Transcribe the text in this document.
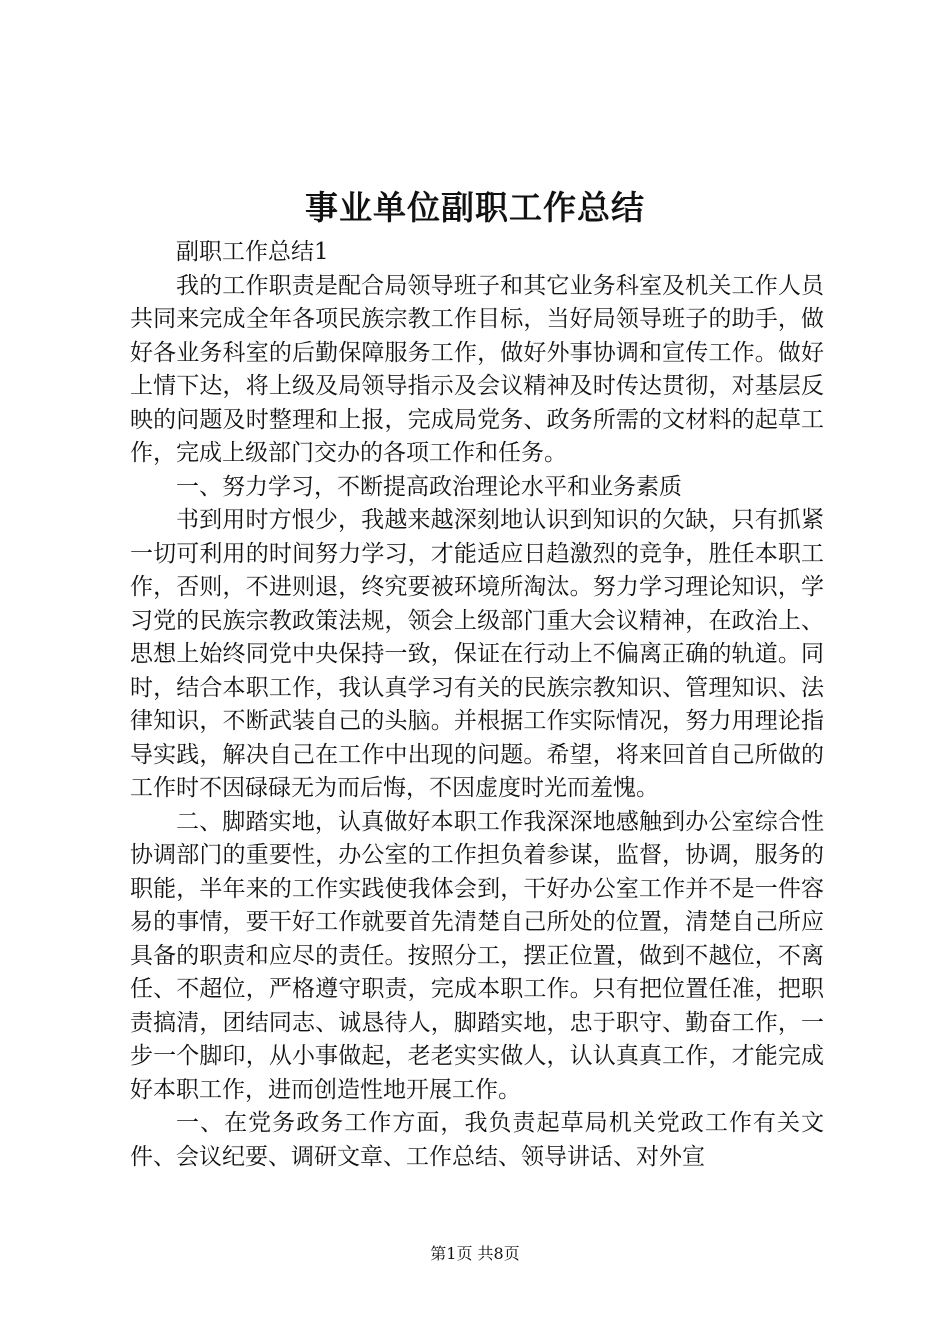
事业单位副职工作总结

副职工作总结1

我的工作职责是配合局领导班子和其它业务科室及机关工作人员共同来完成全年各项民族宗教工作目标，当好局领导班子的助手，做好各业务科室的后勤保障服务工作，做好外事协调和宣传工作。做好上情下达，将上级及局领导指示及会议精神及时传达贯彻，对基层反映的问题及时整理和上报，完成局党务、政务所需的文材料的起草工作，完成上级部门交办的各项工作和任务。

一、努力学习，不断提高政治理论水平和业务素质

书到用时方恨少，我越来越深刻地认识到知识的欠缺，只有抓紧一切可利用的时间努力学习，才能适应日趋激烈的竞争，胜任本职工作，否则，不进则退，终究要被环境所淘汰。努力学习理论知识，学习党的民族宗教政策法规，领会上级部门重大会议精神，在政治上、思想上始终同党中央保持一致，保证在行动上不偏离正确的轨道。同时，结合本职工作，我认真学习有关的民族宗教知识、管理知识、法律知识，不断武装自己的头脑。并根据工作实际情况，努力用理论指导实践，解决自己在工作中出现的问题。希望，将来回首自己所做的工作时不因碌碌无为而后悔，不因虚度时光而羞愧。

二、脚踏实地，认真做好本职工作我深深地感触到办公室综合性协调部门的重要性，办公室的工作担负着参谋，监督，协调，服务的职能，半年来的工作实践使我体会到，干好办公室工作并不是一件容易的事情，要干好工作就要首先清楚自己所处的位置，清楚自己所应具备的职责和应尽的责任。按照分工，摆正位置，做到不越位，不离任、不超位，严格遵守职责，完成本职工作。只有把位置任准，把职责搞清，团结同志、诚恳待人，脚踏实地，忠于职守、勤奋工作，一步一个脚印，从小事做起，老老实实做人，认认真真工作，才能完成好本职工作，进而创造性地开展工作。

一、在党务政务工作方面，我负责起草局机关党政工作有关文件、会议纪要、调研文章、工作总结、领导讲话、对外宣

第1页 共8页
